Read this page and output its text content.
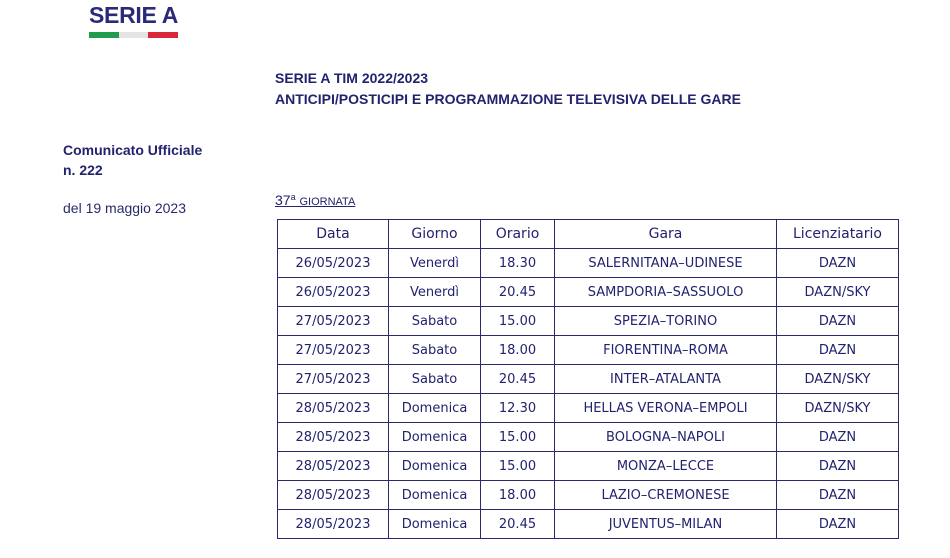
SERIE A
SERIE A TIM 2022/2023
ANTICIPI/POSTICIPI E PROGRAMMAZIONE TELEVISIVA DELLE GARE
Comunicato Ufficiale
n. 222
del 19 maggio 2023	37$^a$ GIORNATA
Data	Giorno	Orario	Gara	Licenziatario
26/05/2023	Venerdì	18.30	SALERNITANA–UDINESE	DAZN
26/05/2023	Venerdì	20.45	SAMPDORIA–SASSUOLO	DAZN/SKY
27/05/2023	Sabato	15.00	SPEZIA–TORINO	DAZN
27/05/2023	Sabato	18.00	FIORENTINA–ROMA	DAZN
27/05/2023	Sabato	20.45	INTER–ATALANTA	DAZN/SKY
28/05/2023	Domenica	12.30	HELLAS VERONA–EMPOLI	DAZN/SKY
28/05/2023	Domenica	15.00	BOLOGNA–NAPOLI	DAZN
28/05/2023	Domenica	15.00	MONZA–LECCE	DAZN
28/05/2023	Domenica	18.00	LAZIO–CREMONESE	DAZN
28/05/2023	Domenica	20.45	JUVENTUS–MILAN	DAZN
